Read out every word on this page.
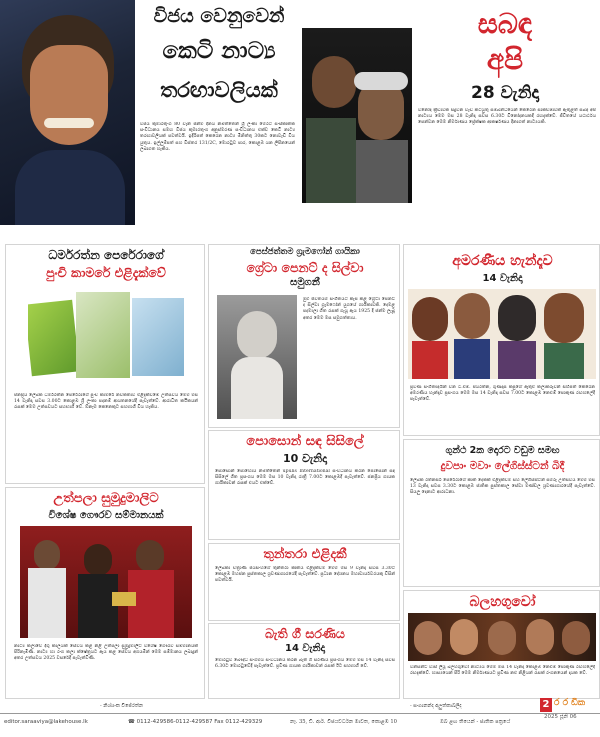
විජය වෙනුවෙන්
කෙටි නාට්‍ය
තරඟාවලියක්
විජය කුමාරතුංග 80 වැනි ජන්ම දිනය නිමිත්තෙන් ශ්‍රී ලංකා මෙරට සංස්කෘතික සංවිධානය සමඟ විජය කුමාරතුංග අනුස්මරණ සංවිධානය එක්ව කෙටි නාට්‍ය තරඟාවලියක් පවත්වයි. ඉදිරිපත් කෙරෙන නාට්‍ය මිනිත්තු 30කට නොවැඩි විය යුතුය. ඉල්ලුම්පත් සහ විස්තර 131/2C, මොරටුව පාර, කොළඹ යන ලිපිනයෙන් ලබාගත හැකිය.
සබඳ
අපි
28 වැනිදා
විනෝද ක්‍රීඩාවක සිදුවන වැඩ කටයුතු සම්බන්ධයෙන් කෙරෙන සාකච්ඡාවක් ඇතුළත් සබඳ අපි නාට්‍යය මෙම මස 28 වැනිදා සවස 6.30ට විනෝදනයකදී රඟදැක්වේ. ජීවිතයේ යථාර්ථය පෙන්වන මෙම නිර්මාණය ප්‍රේක්ෂක ආකර්ෂණය දිනාගත් නාට්‍යයකි.
ධර්මරත්න පෙරේරාගේ
පුංචි කාමරේ එළිදැක්වේ
ජනප්‍රිය ලේඛක ධර්මරත්න පෙරේරාගේ පුංචි කාමරේ නවකතාව එළිදැක්වීමේ උත්සවය මෙම මස 14 වැනිදා සවස 3.00ට කොළඹ ශ්‍රී ලංකා පදනම් ආයතනයේදී පැවැත්වේ. ආරාධිත කථිකයන් රැසක් මෙම උත්සවයට සහභාගී වේ. ඕනෑම කෙනෙකුට සහභාගී විය හැකිය.
පෙස්ජත්තම ග්‍රැමෆෝන් ගායිකා
ග්‍රේටා පෙනට් ද සිල්වා
සමුගනී
මුළු ජීවිතයම සංගීතයට කැප කළ ග්‍රේටා පෙනට් ද සිල්වා ග්‍රැමෆෝන් යුගයේ ගායිකාවකි. දෙමළ පදමාලා ගීත රැසක් ගැයූ ඇය 1925 දී ජන්ම ලැබූ අතර මෙම මස සමුගත්තාය.
අමරණීය හැන්දෑව
14 වැනිදා
ප්‍රවීණ සංගීතඥයින් වන ටී.එම්. ජයරත්න, ගුණදාස කපුගේ ඇතුළු කලාකරුවන් සිහිපත් කෙරෙන අමරණීය හැන්දෑව ප්‍රසංගය මෙම මස 14 වැනිදා සවස 7.00ට කොළඹ නෙළුම් පොකුණ රඟහලේදී පැවැත්වේ.
පොසොන් සඳ සිසිලේ
10 වැනිදා
පොසොන් පොහොය නිමිත්තෙන් upulis International සංවිධානය කරන පොසොන් සඳ සිසිලේ ගීත ප්‍රසංගය මෙම මස 10 වැනිදා රාත්‍රී 7.00ට කොළඹදී පැවැත්වේ. ජනප්‍රිය ගායක ගායිකාවන් රැසක් එයට එක්වේ.
තුන්තරා එළිදකී
ලේඛිකා චිත්‍රාණි ජයසිංහගේ තුන්තරා කෘතිය එළිදැක්වීම මෙම මස 9 වැනිදා සවස 3.30ට කොළඹ මහජන පුස්තකාල ශ්‍රවණාගාරයේදී පැවැත්වේ. ප්‍රධාන දේශනය මහාචාර්යවරයකු විසින් පවත්වයි.
ගුන්ථ 2ක දොරට වඩුම සමඟ
දුවපාං මවාං ලේගිස්ස්ටන් බිදී
ලේඛක රත්නසිරි පෙරේරාගේ කෘති දෙකක් එළිදැක්වීම සහ ලේගිස්ස්ටන් සමරු උත්සවය මෙම මස 13 වැනිදා සවස 3.30ට කොළඹ ජාතික පුස්තකාල සේවා මණ්ඩල ශ්‍රවණාගාරයේදී පැවැත්වේ. සියලු දෙනාට ආරාධනා.
උත්පලා සුමුදුමාලිට
විශේෂ ගෞරව සම්මානයක්
නාට්‍ය කලාවේ දිගු කාලයක් සේවය කළ නිළි උත්පලා සුමුදුමාලිට විශේෂ ගෞරව සම්මානයක් පිරිනැමිණි. නාට්‍ය හා රංග කලා ක්ෂේත්‍රයට ඇය කළ සේවය අගයමින් මෙම සම්මානය ලබාදුන් අතර උත්සවය 2025 වසරේදී පැවැත්විණි.
බැති ගී සරණිය
14 වැනිදා
මොරටුව බෞද්ධ සංගමය සංවිධානය කරන බැති ගී සරණිය ප්‍රසංගය මෙම මස 14 වැනිදා සවස 6.30ට මොරටුවේදී පැවැත්වේ. ප්‍රවීණ ගායක ගායිකාවන් රැසක් ඊට සහභාගී වේ.
බලහගුවෝ
වින්සන්ට් වාස් ලියූ බලහගුවෝ නාට්‍යය මෙම මස 14 වැනිදා කොළඹ නෙළුම් පොකුණ රඟහලේදී රඟදැක්වේ. හාස්‍යයෙන් පිරි මෙම නිර්මාණයට ප්‍රවීණ නළු නිළියන් රැසක් රංගනයෙන් දායක වේ.
- නිශ්ශංක විජේරත්න	- සංගානන්ද අලුත්කාබලිද
editor.saraaviya@lakehouse.lk	☎ 0112-429586-0112-429587 Fax 0112-429329	නෑ. 35, ඩී. ආර්. විජයවර්ධන මාවත, කොළඹ 10	ඔබ ළඟ තියෙන් - ජාතික පත්‍රයේ
2 ර ර ඩීක
2025 ජූනි 06
